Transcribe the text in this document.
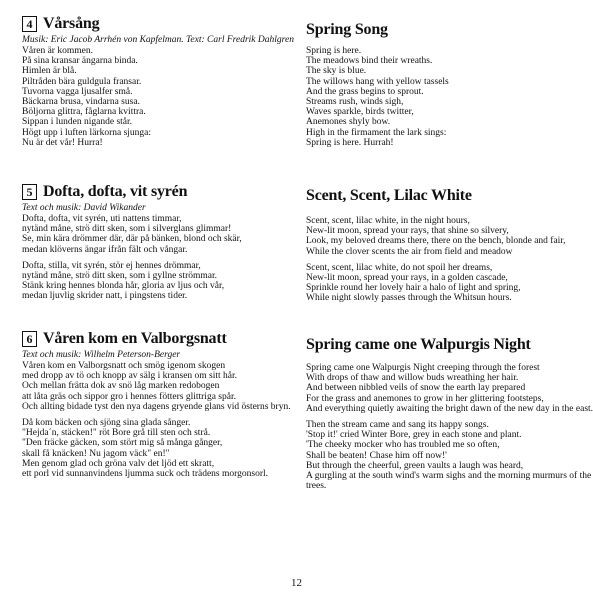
4 Vårsång
Musik: Eric Jacob Arrhén von Kapfelman. Text: Carl Fredrik Dahlgren
Våren är kommen.
På sina kransar ängarna binda.
Himlen är blå.
Piltråden bära guldgula fransar.
Tuvorna vagga ljusalfer små.
Bäckarna brusa, vindarna susa.
Böljorna glittra, fåglarna kvittra.
Sippan i lunden nigande står.
Högt upp i luften lärkorna sjunga:
Nu är det vår! Hurra!
Spring Song
Spring is here.
The meadows bind their wreaths.
The sky is blue.
The willows hang with yellow tassels
And the grass begins to sprout.
Streams rush, winds sigh,
Waves sparkle, birds twitter,
Anemones shyly bow.
High in the firmament the lark sings:
Spring is here. Hurrah!
5 Dofta, dofta, vit syrén
Text och musik: David Wikander
Dofta, dofta, vit syrén, uti nattens timmar,
nytänd måne, strö ditt sken, som i silverglans glimmar!
Se, min kära drömmer där, där på bänken, blond och skär,
medan klöverns ängar ifrån fält och vångar.
Dofta, stilla, vit syrén, stör ej hennes drömmar,
nytänd måne, strö ditt sken, som i gyllne strömmar.
Stänk kring hennes blonda hår, gloria av ljus och vår,
medan ljuvlig skrider natt, i pingstens tider.
Scent, Scent, Lilac White
Scent, scent, lilac white, in the night hours,
New-lit moon, spread your rays, that shine so silvery,
Look, my beloved dreams there, there on the bench, blonde and fair,
While the clover scents the air from field and meadow
Scent, scent, lilac white, do not spoil her dreams,
New-lit moon, spread your rays, in a golden cascade,
Sprinkle round her lovely hair a halo of light and spring,
While night slowly passes through the Whitsun hours.
6 Våren kom en Valborgsnatt
Text och musik: Wilhelm Peterson-Berger
Våren kom en Valborgsnatt och smög igenom skogen
med dropp av tö och knopp av sälg i kransen om sitt hår.
Och mellan frätta dok av snö låg marken redobogen
att låta gräs och sippor gro i hennes fötters glittriga spår.
Och allting bidade tyst den nya dagens gryende glans vid österns bryn.
Då kom bäcken och sjöng sina glada sånger.
"Hejda´n, stäcken!" röt Bore grå till sten och strå.
"Den fräcke gäcken, som stört mig så många gånger,
skall få knäcken! Nu jagom väck" en!"
Men genom glad och gröna valv det ljöd ett skratt,
ett porl vid sunnanvindens ljumma suck och trädens morgonsorl.
Spring came one Walpurgis Night
Spring came one Walpurgis Night creeping through the forest
With drops of thaw and willow buds wreathing her hair.
And between nibbled veils of snow the earth lay prepared
For the grass and anemones to grow in her glittering footsteps,
And everything quietly awaiting the bright dawn of the new day in the east.
Then the stream came and sang its happy songs.
'Stop it!' cried Winter Bore, grey in each stone and plant.
'The cheeky mocker who has troubled me so often,
Shall be beaten! Chase him off now!'
But through the cheerful, green vaults a laugh was heard,
A gurgling at the south wind's warm sighs and the morning murmurs of the
trees.
12
